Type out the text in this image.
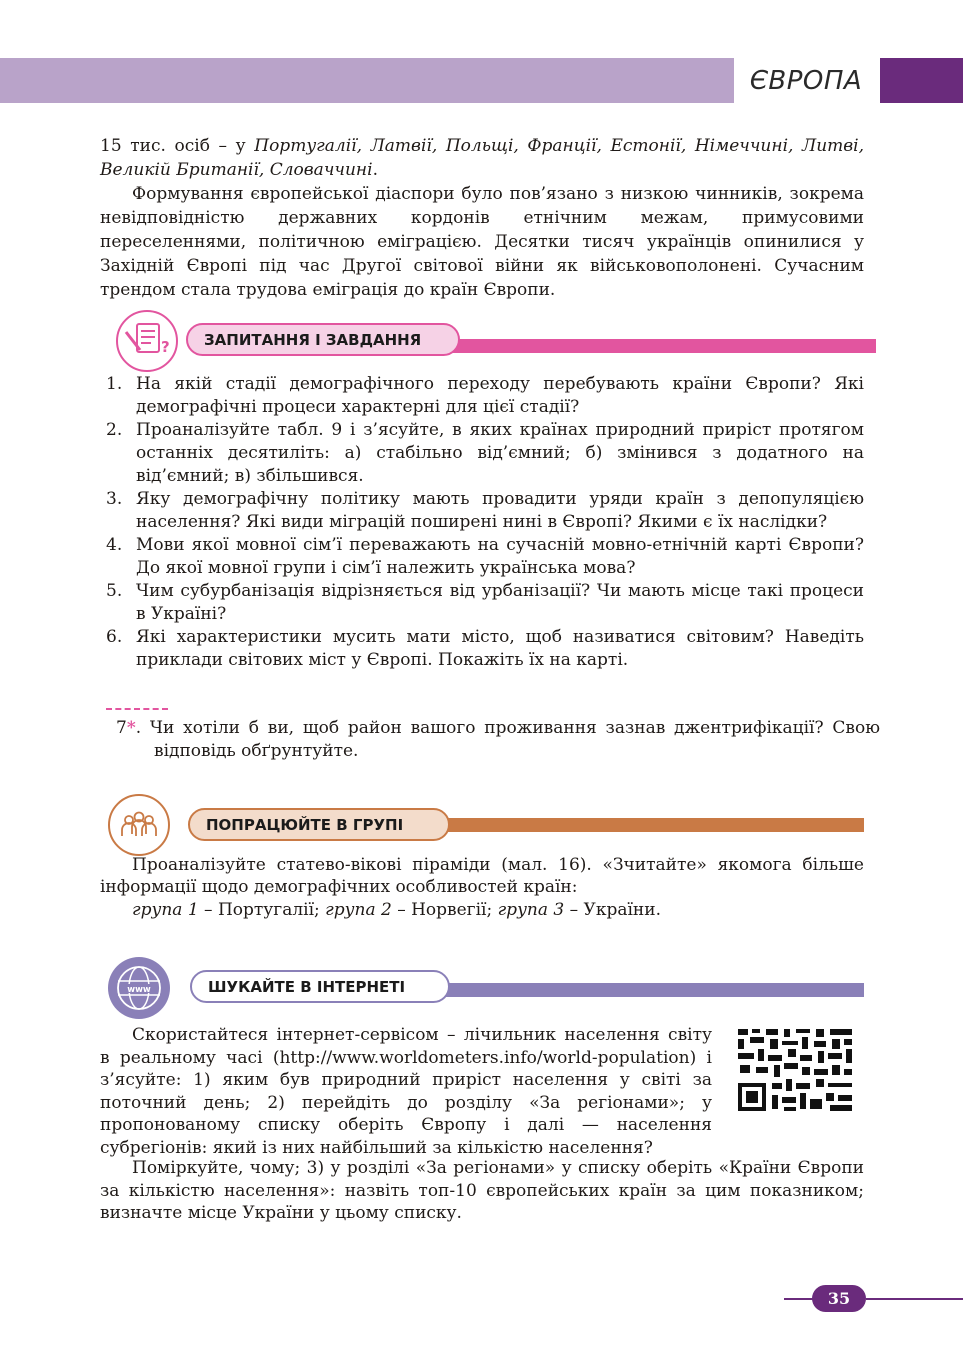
ЄВРОПА
15 тис. осіб – у Португалії, Латвії, Польщі, Франції, Естонії, Німеччині, Литві, Великій Британії, Словаччині.
Формування європейської діаспори було пов’язано з низкою чинників, зокрема невідповідністю державних кордонів етнічним межам, примусовими переселеннями, політичною еміграцією. Десятки тисяч українців опинилися у Західній Європі під час Другої світової війни як військовополонені. Сучасним трендом стала трудова еміграція до країн Європи.
ЗАПИТАННЯ І ЗАВДАННЯ
?
1. На якій стадії демографічного переходу перебувають країни Європи? Які демографічні процеси характерні для цієї стадії?
2. Проаналізуйте табл. 9 і з’ясуйте, в яких країнах природний приріст протягом останніх десятиліть: а) стабільно від’ємний; б) змінився з додатного на від’ємний; в) збільшився.
3. Яку демографічну політику мають провадити уряди країн з депопуляцією населення? Які види міграцій поширені нині в Європі? Якими є їх наслідки?
4. Мови якої мовної сім’ї переважають на сучасній мовно-етнічній карті Європи? До якої мовної групи і сім’ї належить українська мова?
5. Чим субурбанізація відрізняється від урбанізації? Чи мають місце такі процеси в Україні?
6. Які характеристики мусить мати місто, щоб називатися світовим? Наведіть приклади світових міст у Європі. Покажіть їх на карті.
7*. Чи хотіли б ви, щоб район вашого проживання зазнав джентрифікації? Свою відповідь обґрунтуйте.
ПОПРАЦЮЙТЕ В ГРУПІ
Проаналізуйте статево-вікові піраміди (мал. 16). «Зчитайте» якомога більше інформації щодо демографічних особливостей країн:
група 1 – Португалії; група 2 – Норвегії; група 3 – України.
ШУКАЙТЕ В ІНТЕРНЕТІ
www
Скористайтеся інтернет-сервісом – лічильник населення світу в реальному часі (http://www.worldometers.info/world-population) і з’ясуйте: 1) яким був природний приріст населення у світі за поточний день; 2) перейдіть до розділу «За регіонами»; у пропонованому списку оберіть Європу і далі — населення субрегіонів: який із них найбільший за кількістю населення?
Поміркуйте, чому; 3) у розділі «За регіонами» у списку оберіть «Країни Європи за кількістю населення»: назвіть топ-10 європейських країн за цим показником; визначте місце України у цьому списку.
35
